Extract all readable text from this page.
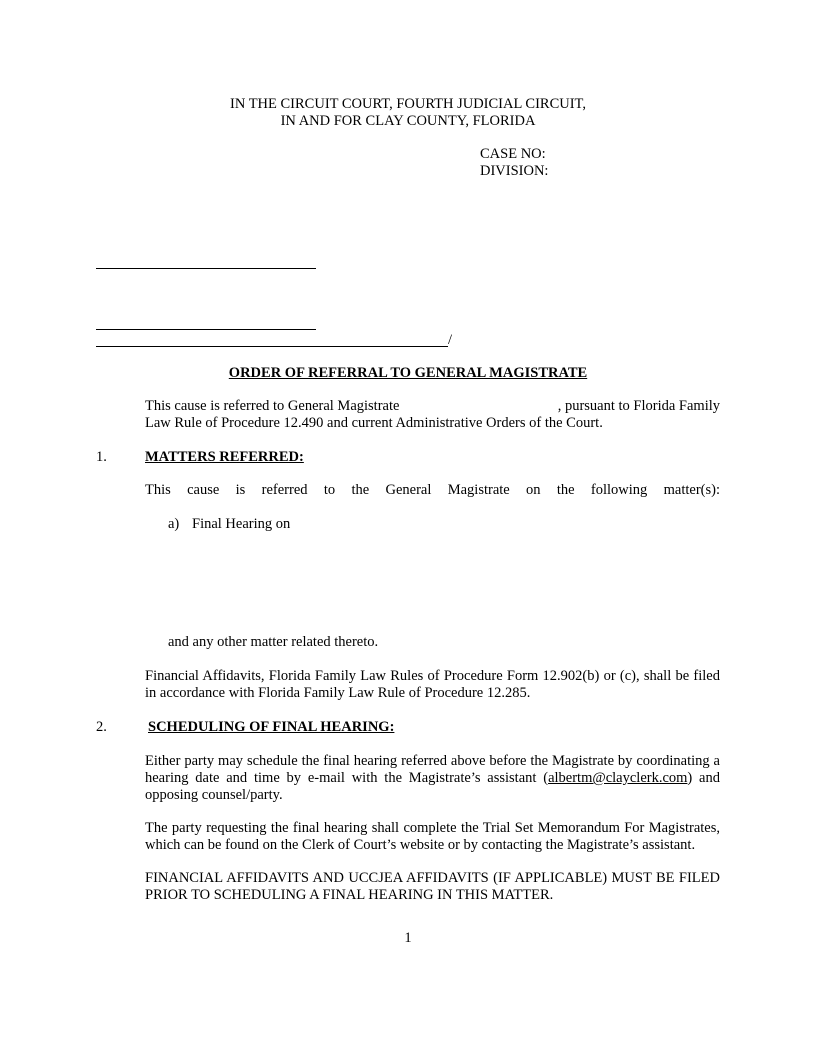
IN THE CIRCUIT COURT, FOURTH JUDICIAL CIRCUIT,

IN AND FOR CLAY COUNTY, FLORIDA

CASE NO:

DIVISION:

/
ORDER OF REFERRAL TO GENERAL MAGISTRATE
This cause is referred to General Magistrate	, pursuant to Florida Family

Law Rule of Procedure 12.490 and current Administrative Orders of the Court.

1.	MATTERS REFERRED:
This cause is referred to the General Magistrate on the following matter(s):
a) Final Hearing on
and any other matter related thereto.
Financial Affidavits, Florida Family Law Rules of Procedure Form 12.902(b) or (c), shall be filed in accordance with Florida Family Law Rule of Procedure 12.285.
2.	SCHEDULING OF FINAL HEARING:
Either party may schedule the final hearing referred above before the Magistrate by coordinating a hearing date and time by e-mail with the Magistrate’s assistant (albertm@clayclerk.com) and opposing counsel/party.
The party requesting the final hearing shall complete the Trial Set Memorandum For Magistrates, which can be found on the Clerk of Court’s website or by contacting the Magistrate’s assistant.
FINANCIAL AFFIDAVITS AND UCCJEA AFFIDAVITS (IF APPLICABLE) MUST BE FILED PRIOR TO SCHEDULING A FINAL HEARING IN THIS MATTER.
1
